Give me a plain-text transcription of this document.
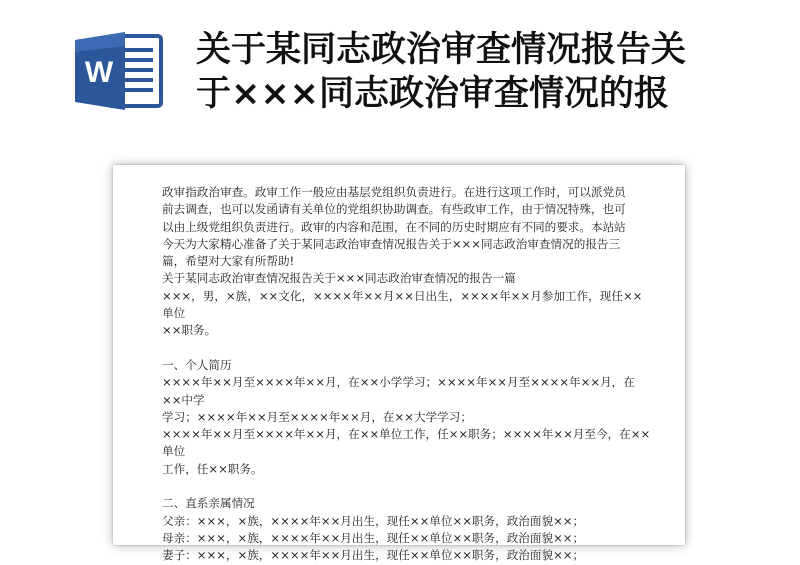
W
关于某同志政治审查情况报告关
于×××同志政治审查情况的报

政审指政治审查。政审工作一般应由基层党组织负责进行。在进行这项工作时，可以派党员

前去调查，也可以发函请有关单位的党组织协助调查。有些政审工作，由于情况特殊，也可

以由上级党组织负责进行。政审的内容和范围，在不同的历史时期应有不同的要求。本站站

今天为大家精心准备了关于某同志政治审查情况报告关于×××同志政治审查情况的报告三

篇，希望对大家有所帮助!

关于某同志政治审查情况报告关于×××同志政治审查情况的报告一篇

×××，男，×族，××文化，××××年××月××日出生，××××年××月参加工作，现任××单位

××职务。

一、个人简历

××××年××月至××××年××月，在××小学学习；××××年××月至××××年××月，在××中学

学习；××××年××月至××××年××月，在××大学学习；

××××年××月至××××年××月，在××单位工作，任××职务；××××年××月至今，在××单位

工作，任××职务。

二、直系亲属情况

父亲：×××，×族，××××年××月出生，现任××单位××职务，政治面貌××；

母亲：×××，×族，××××年××月出生，现任××单位××职务，政治面貌××；

妻子：×××，×族，××××年××月出生，现任××单位××职务，政治面貌××；
